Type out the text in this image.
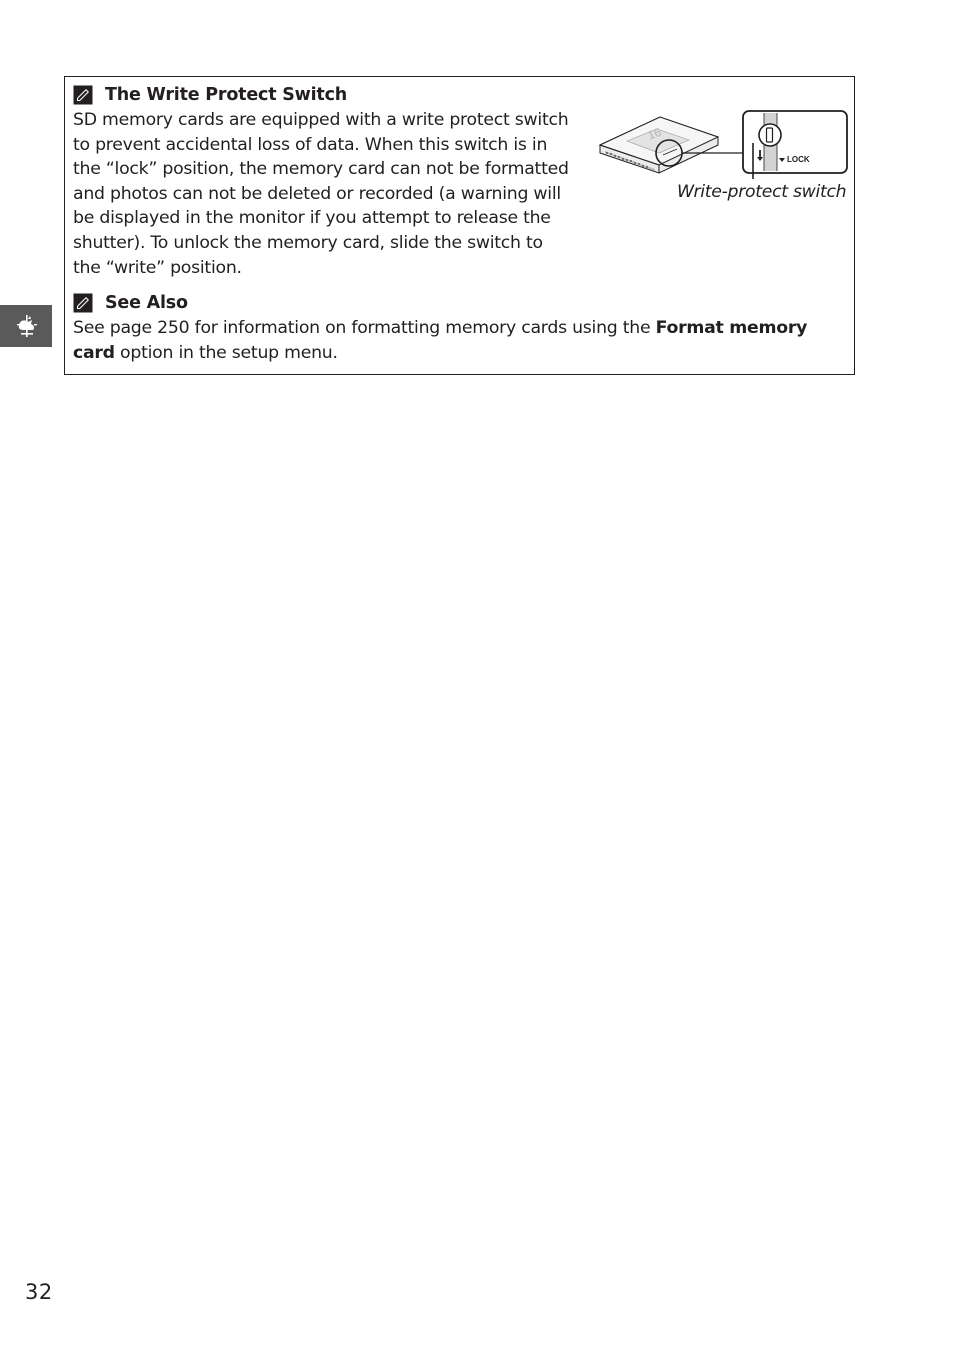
The Write Protect Switch
SD memory cards are equipped with a write protect switch to prevent accidental loss of data. When this switch is in the “lock” position, the memory card can not be formatted and photos can not be deleted or recorded (a warning will be displayed in the monitor if you attempt to release the shutter). To unlock the memory card, slide the switch to the “write” position.
16
LOCK
Write-protect switch
See Also
See page 250 for information on formatting memory cards using the Format memory card option in the setup menu.
32
